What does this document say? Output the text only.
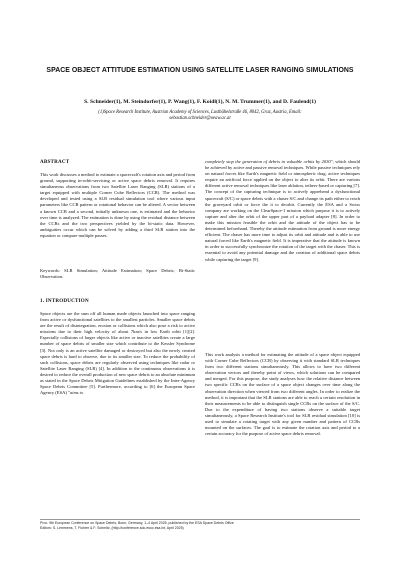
SPACE OBJECT ATTITUDE ESTIMATION USING SATELLITE LASER RANGING SIMULATIONS
S. Schneider(1), M. Steindorfer(1), P. Wang(1), F. Koidl(1), N. M. Trummer(1), and D. Faulend(1)
(1)Space Research Institute, Austrian Academy of Sciences, Lustbühelstraße 46, 8042, Graz, Austria, Email:
sebastian.schneider@oeaw.ac.at
ABSTRACT
This work discusses a method to estimate a spacecraft's rotation axis and period from ground, supporting in-orbit-servicing or active space debris removal. It requires simultaneous observations from two Satellite Laser Ranging (SLR) stations of a target equipped with multiple Corner Cube Reflectors (CCR). The method was developed and tested using a SLR residual simulation tool where various input parameters like CCR pattern or rotational behavior can be altered. A vector between a known CCR and a second, initially unknown one, is estimated and the behavior over time is analyzed. The estimation is done by using the residual distance between the CCRs and the two perspectives yielded by the bi-static data. However, ambiguities occur which can be solved by adding a third SLR station into the equation or compare multiple passes.
Keywords: SLR Simulation; Attitude Estimation; Space Debris; Bi-Static Observation.
1. INTRODUCTION
Space objects are the sum off all human made objects launched into space ranging from active or dysfunctional satellites to the smallest particles. Smaller space debris are the result of disintegration, erosion or collisions which also pose a risk to active missions due to their high velocity of about 7km/s in low Earth orbit [1][2]. Especially collisions of larger objects like active or inactive satellites create a large number of space debris of smaller size which contribute to the Kessler Syndrome [3]. Not only is an active satellite damaged or destroyed but also the newly created space debris is hard to observe, due to its smaller size. To reduce the probability of such collisions, space debris are regularly observed using techniques like radar or Satellite Laser Ranging (SLR) [4]. In addition to the continuous observations it is desired to reduce the overall production of new space debris to an absolute minimum as stated in the Space Debris Mitigation Guidelines established by the Inter-Agency Space Debris Committee [5]. Furthermore, according to [6] the European Space Agency (ESA) "aims to
completely stop the generation of debris in valuable orbits by 2030", which should be achieved by active and passive removal techniques. While passive techniques rely on natural forces like Earth's magnetic field or atmospheric drag, active techniques require an artificial force applied on the object to alter its orbit. There are various different active removal techniques like laser ablation, tethers-based or capturing [7]. The concept of the capturing technique is to actively apprehend a dysfunctional spacecraft (S/C) or space debris with a chaser S/C and change its path either to reach the graveyard orbit or force the it to deorbit. Currently the ESA and a Swiss company are working on the ClearSpace-1 mission which purpose it is to actively capture and alter the orbit of the upper part of a payload adapter [8]. In order to make this mission feasible the orbit and the attitude of the object has to be determined beforehand. Thereby the attitude estimation from ground is more energy efficient. The chaser has more time to adjust its orbit and attitude and is able to use natural forced like Earth's magnetic field. It is imperative that the attitude is known in order to successfully synchronize the rotation of the target with the chaser. This is essential to avoid any potential damage and the creation of additional space debris while capturing the target [9].
This work analysis a method for estimating the attitude of a space object equipped with Corner Cube Reflectors (CCR) by observing it with standard SLR techniques from two different stations simultaneously. This allows to have two different observation vectors and thereby point of views, which solutions can be compared and merged. For this purpose, the study analyses how the relative distance between two specific CCRs on the surface of a space object changes over time along the observation direction when viewed from two different angles. In order to realize the method, it is important that the SLR stations are able to reach a certain resolution in their measurements to be able to distinguish single CCRs on the surface of the S/C. Due to the expenditure of having two stations observe a suitable target simultaneously, a Space Research Institute's tool for SLR residual simulation [10] is used to simulate a rotating target with any given number and pattern of CCRs mounted on the surfaces. The goal is to estimate the rotation axis and period to a certain accuracy for the purpose of active space debris removal.
Proc. 9th European Conference on Space Debris, Bonn, Germany, 1–4 April 2025, published by the ESA Space Debris Office
Editors: S. Lemmens, T. Flohrer & F. Schmitz, (http://conference.sdo.esoc.esa.int, April 2025)
